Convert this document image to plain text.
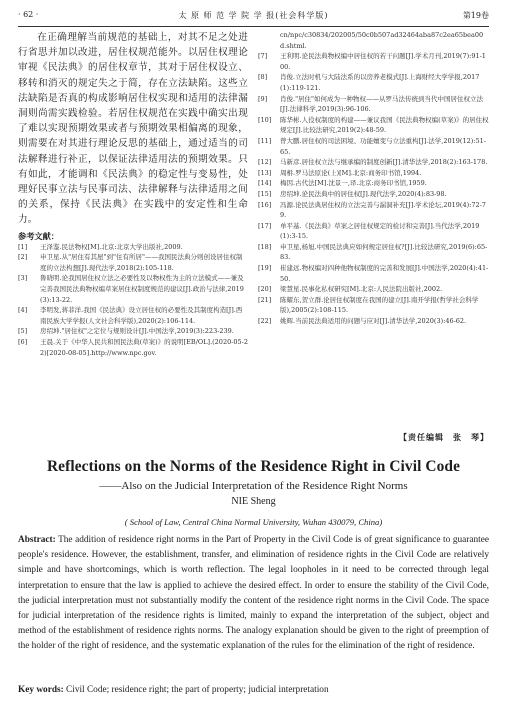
· 62 ·	太 原 师 范 学 院 学 报(社会科学版)	第19卷

在正确理解当前规范的基础上，对其不足之处进行省思并加以改进，居住权规范能外。以居住权理论审视《民法典》的居住权章节，其对于居住权设立、移转和消灭的规定失之于简，存在立法缺陷。这些立法缺陷是否真的构成影响居住权实现和适用的法律漏洞则尚需实践检验。若居住权规范在实践中确实出现了难以实现预期效果或者与预期效果相偏离的现象，则需要在对其进行理论反思的基础上，通过适当的司法解释进行补正，以保证法律适用法的预期效果。只有如此，才能调和《民法典》的稳定性与变易性，处理好民事立法与民事司法、法律解释与法律适用之间的关系，保持《民法典》在实践中的安定性和生命力。

参考文献：
[1] 王泽鉴.民法物权[M].北京:北京大学出版社,2009.
[2] 申卫星.从"居住有其屋"到"住有所居"——我国民法典分则创设居住权制度的立法构想[J].现代法学,2018(2):105-118.
[3] 鲁晓明.论我国居住权立法之必要性及以物权性为主的立法模式——兼及完善我国民法典物权编草案居住权制度规范的建议[J].政治与法律,2019(3):13-22.
[4] 李明发,蒋菲洋.我国《民法典》设立居住权的必要性及其制度构造[J].西南民族大学学报(人文社会科学版),2020(2):106-114.
[5] 房绍坤."居住权"之定位与规则设计[J].中国法学,2019(3):223-239.
[6] 王晨.关于《中华人民共和国民法典(草案)》的说明[EB/OL].(2020-05-22)[2020-08-05].http://www.npc.gov.
cn/npc/c30834/202005/50c0b507ad32464aba87c2ea65bea00d.shtml.
[7] 王利明.论民法典物权编中居住权的若干问题[J].学术月刊,2019(7):91-100.
[8] 肖俊.立法时机与大陆法系的以房养老模式[J].上海财经大学学报,2017(1):119-121.
[9] 肖俊."居住"如何成为一种物权——从罗马法传统到当代中国居住权立法[J].法律科学,2019(3):96-106.
[10] 陈华彬.人役权制度的构建——兼议我国《民法典物权编(草案)》的居住权规定[J].比较法研究,2019(2):48-59.
[11] 曾大鹏.居住权的司法困境、功能嬗变与立法重构[J].法学,2019(12):51-65.
[12] 马新彦.居住权立法与继承编的制度创新[J].清华法学,2018(2):163-178.
[13] 周枏.罗马法原论(上)[M].北京:商务印书馆,1994.
[14] 梅因.古代法[M].沈景一,译.北京:商务印书馆,1959.
[15] 房绍坤.论民法典中的居住权[J].现代法学,2020(4):83-98.
[16] 冯源.论民法典居住权的立法完善与漏洞补充[J].学术论坛,2019(4):72-79.
[17] 单平基.《民法典》草案之居住权规定的检讨和完善[J].当代法学,2019(1):3-15.
[18] 申卫星,杨旭.中国民法典应如何规定居住权?[J].比较法研究,2019(6):65-83.
[19] 崔建远.物权编对四种他物权制度的完善和发展[J].中国法学,2020(4):41-50.
[20] 梁慧星.民事化私权研究[M].北京:人民法院出版社,2002.
[21] 陈耀东,贺立群.论居住权制度在我国的建立[J].南开学报(哲学社会科学版),2005(2):108-115.
[22] 姚辉.当前民法典适用的问题与应对[J].清华法学,2020(3):46-62.
【责任编辑　张　琴】
Reflections on the Norms of the Residence Right in Civil Code
——Also on the Judicial Interpretation of the Residence Right Norms
NIE Sheng
( School of Law, Central China Normal University, Wuhan 430079, China)
Abstract: The addition of residence right norms in the Part of Property in the Civil Code is of great significance to guarantee people's residence. However, the establishment, transfer, and elimination of residence rights in the Civil Code are relatively simple and have shortcomings, which is worth reflection. The legal loopholes in it need to be corrected through legal interpretation to ensure that the law is applied to achieve the desired effect. In order to ensure the stability of the Civil Code, the judicial interpretation must not substantially modify the content of the residence right norms in the Civil Code. The space for judicial interpretation of the residence rights is limited, mainly to expand the interpretation of the subject, object and method of the establishment of residence rights norms. The analogy explanation should be given to the right of preemption of the holder of the right of residence, and the systematic explanation of the rules for the elimination of the right of residence.
Key words: Civil Code; residence right; the part of property; judicial interpretation
